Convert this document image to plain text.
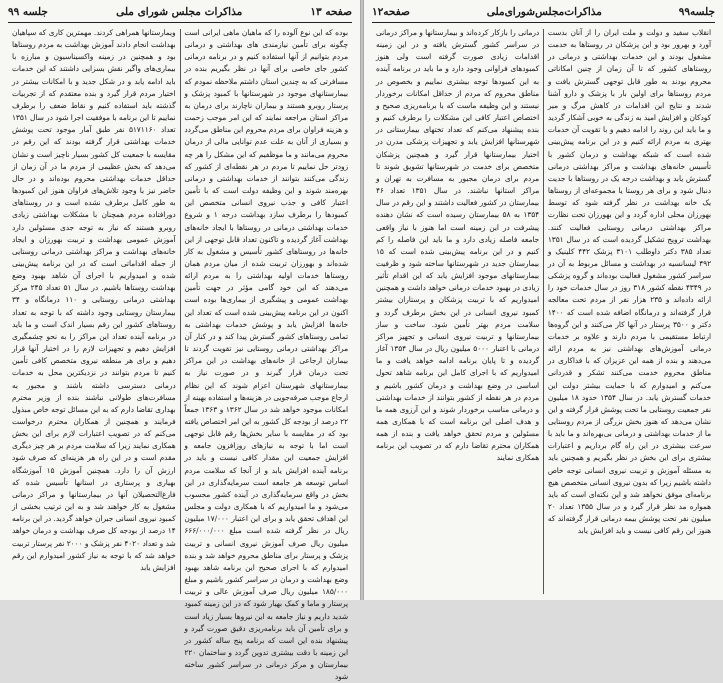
صفحه ۱۳
مذاکرات مجلس شورای ملی
جلسه ۹۹

بوده که این نوع آلوده را که ماهیان ماهی ایرانی است چگونه برای تأمین نیازمندی های بهداشتی و درمانی مردم بتوانیم از آنها استفاده کنیم و در برنامه درمانی کشور جای خاصی برای آنها در نظر بگیریم بنده در مسافرتی که به چندین استان داشتم ملاحظه نمودم که بیمارستانهای موجود در شهرستانها با کمبود پزشک و پرستار روبرو هستند و بیماران ناچارند برای درمان به مراکز استان مراجعه نمایند که این امر موجب زحمت و هزینه فراوان برای مردم محروم این مناطق می‌گردد و بسیاری از آنان به علت عدم توانایی مالی از درمان محروم می‌مانند و ما موظفیم که این مشکل را هر چه زودتر حل نماییم تا مردم در هر نقطه‌ای از کشور که زندگی می‌کنند بتوانند از خدمات بهداشتی و درمانی بهره‌مند شوند و این وظیفه دولت است که با تأمین اعتبار کافی و جذب نیروی انسانی متخصص این کمبودها را برطرف سازد بهداشت درجه ۱ و شروع خدمات بهداشتی درمانی در روستاها با ایجاد خانه‌های بهداشت آغاز گردیده و تاکنون تعداد قابل توجهی از این خانه‌ها در روستاهای کشور تأسیس و مشغول به کار شده‌اند و بهورزان تربیت شده از میان مردم همان روستاها خدمات اولیه بهداشتی را به مردم ارائه می‌دهند که این خود گامی مؤثر در جهت تأمین بهداشت عمومی و پیشگیری از بیماری‌ها بوده است اکنون در این برنامه پیش‌بینی شده است که تعداد این خانه‌ها افزایش یابد و پوشش خدمات بهداشتی به تمامی روستاهای کشور گسترش پیدا کند و در کنار آن مراکز بهداشتی درمانی روستایی نیز تقویت گردند تا بیماران ارجاعی از خانه‌های بهداشت در این مراکز تحت درمان قرار گیرند و در صورت نیاز به بیمارستانهای شهرستان اعزام شوند که این نظام ارجاع موجب صرفه‌جویی در هزینه‌ها و استفاده بهینه از امکانات موجود خواهد شد در سال ۱۳۶۲ و ۱۳۶۳ جمعاً ۲۲ درصد از بودجه کل کشور به این امر اختصاص یافته بود که در مقایسه با سایر بخش‌ها رقم قابل توجهی است اما با توجه به نیازهای روزافزون جامعه و افزایش جمعیت این مقدار کافی نیست و باید در برنامه آینده افزایش یابد و از آنجا که سلامت مردم اساس توسعه هر جامعه است سرمایه‌گذاری در این بخش در واقع سرمایه‌گذاری در آینده کشور محسوب می‌شود و ما امیدواریم که با همکاری دولت و مجلس این اهداف تحقق یابد و برای این اعتبار ۱۷/۰۰۰ میلیون ریال در نظر گرفته شده است مبلغ ۶۶۶/۰۰۰/۰۰۰ میلیون ریال صرف آموزش نیروی انسانی و تربیت پزشک و پرستار برای مناطق محروم خواهد شد و بنده امیدوارم که با اجرای صحیح این برنامه شاهد بهبود وضع بهداشت و درمان در سراسر کشور باشیم و مبلغ ۱۸۵/۰۰۰ میلیون ریال صرف آموزش عالی و تربیت پرستار و ماما و کمک بهیار شود که در این زمینه کمبود شدید داریم و نیاز جامعه به این نیروها بسیار زیاد است و برای تأمین آن باید برنامه‌ریزی دقیق صورت گیرد و پیشنهاد بنده این است که برنامه پنج ساله کشور در این زمینه با دقت بیشتری تدوین گردد و ساختمان ۲۲۰ بیمارستان و مرکز درمانی در سراسر کشور ساخته شود

ویمارستانها همراهی کردند. مهمترین کاری که سپاهیان بهداشت انجام دادند آموزش بهداشت به مردم روستاها بود و همچنین در زمینه واکسیناسیون و مبارزه با بیماری‌های واگیر نقش بسزایی داشتند که این خدمات باید ادامه یابد و در شکل جدید و با امکانات بیشتر در اختیار مردم قرار گیرد و بنده معتقدم که از تجربیات گذشته باید استفاده کنیم و نقاط ضعف را برطرف نماییم تا این برنامه با موفقیت اجرا شود در سال ۱۳۵۱ تعداد ۵۱۷۱۱۶۰ نفر طبق آمار موجود تحت پوشش خدمات بهداشتی قرار گرفته بودند که این رقم در مقایسه با جمعیت کل کشور بسیار ناچیز است و نشان می‌دهد که بخش عظیمی از مردم ما در آن زمان از حداقل خدمات بهداشتی محروم بوده‌اند و در حال حاضر نیز با وجود تلاش‌های فراوان هنوز این کمبودها به طور کامل برطرف نشده است و در روستاهای دورافتاده مردم همچنان با مشکلات بهداشتی زیادی روبرو هستند که نیاز به توجه جدی مسئولین دارد آموزش عمومی بهداشت و تربیت بهورزان و ایجاد خانه‌های بهداشت و مراکز بهداشتی درمانی روستایی از جمله اقداماتی است که در این برنامه پیش‌بینی شده و امیدواریم با اجرای آن شاهد بهبود وضع بهداشت روستاها باشیم. در سال ۵۱ تعداد ۲۴۵ مرکز بهداشتی درمانی روستایی و ۱۱۰ درمانگاه و ۳۴ بیمارستان روستایی وجود داشته که با توجه به تعداد روستاهای کشور این رقم بسیار اندک است و ما باید در برنامه آینده تعداد این مراکز را به نحو چشمگیری افزایش دهیم و تجهیزات لازم را در اختیار آنها قرار دهیم و برای هر منطقه نیروی متخصص کافی تأمین کنیم تا مردم بتوانند در نزدیکترین محل به خدمات درمانی دسترسی داشته باشند و مجبور به مسافرت‌های طولانی نباشند بنده از وزیر محترم بهداری تقاضا دارم که به این مسائل توجه خاص مبذول فرمایند و همچنین از همکاران محترم درخواست می‌کنم که در تصویب اعتبارات لازم برای این بخش همکاری نمایند زیرا که سلامت مردم بر هر چیز دیگری مقدم است و در این راه هر هزینه‌ای که صرف شود ارزش آن را دارد. همچنین آموزش ۱۵ آموزشگاه بهیاری و پرستاری در استانها تأسیس شده که فارغ‌التحصیلان آنها در بیمارستانها و مراکز درمانی مشغول به کار خواهند شد و به این ترتیب بخشی از کمبود نیروی انسانی جبران خواهد گردید. در این برنامه ۱۴ درصد از بودجه کل صرف بهداشت و درمان خواهد شد و تعداد ۴۰۲۰ نفر پزشک و ۲۰۰۰ نفر پرستار تربیت خواهد شد که با توجه به نیاز کشور امیدوارم این رقم افزایش یابد

جلسه۹۹
مذاکرات‌مجلس‌شورای‌ملی
صفحه‌۱۲

انقلاب سفید و دولت و ملت ایران را از آنان بدست آورد و بهرور بود و این پزشکان در روستاها به خدمت مشغول بودند و این خدمات بهداشتی و درمانی در روستاهای کشور که تا آن زمان از چنین امکاناتی محروم بودند به طور قابل توجهی گسترش یافت و مردم روستاها برای اولین بار با پزشک و دارو آشنا شدند و نتایج این اقدامات در کاهش مرگ و میر کودکان و افزایش امید به زندگی به خوبی آشکار گردید و ما باید این روند را ادامه دهیم و با تقویت آن خدمات بهتری به مردم ارائه کنیم و در این برنامه پیش‌بینی شده است که شبکه بهداشت و درمان کشور با تأسیس خانه‌های بهداشت و مراکز بهداشتی درمانی گسترش یابد و بهداشت درجه یک در روستاها با جدیت دنبال شود و برای هر روستا یا مجموعه‌ای از روستاها یک خانه بهداشت در نظر گرفته شود که توسط بهورزان محلی اداره گردد و این بهورزان تحت نظارت مراکز بهداشتی درمانی روستایی فعالیت کنند. بهداشت ترویج تشکیل گردیده است که در سال ۱۳۵۱ تعداد ۳۸۵ دکتر داوطلب ۳۱۰۱ پزشک ۴۴۲ کلینیک و ۴۹۲ لیسانسیه در بهداشت و مسائل مربوط به آن در سراسر کشور مشغول فعالیت بوده‌اند و گروه پزشکی در ۴۳۴۹ نقطه کشور ۳۱۸ روز در سال خدمات خود را ارائه داده‌اند و ۲۳۵ هزار نفر از مردم تحت معالجه قرار گرفته‌اند و درمانگاه اضافه شده است که ۱۴۰۰ دکتر و ۳۵۰۰ پرستار در آنها کار می‌کنند و این گروه‌ها ارتباط مستقیمی با مردم دارند و علاوه بر خدمات درمانی آموزش‌های بهداشتی نیز به مردم ارائه می‌دهند و بنده از همه این عزیزان که با فداکاری در مناطق محروم خدمت می‌کنند تشکر و قدردانی می‌کنم و امیدوارم که با حمایت بیشتر دولت این خدمات گسترش یابد. در سال ۱۳۵۴ حدود ۱۸ میلیون نفر جمعیت روستایی ما تحت پوشش قرار گرفته و این نشان می‌دهد که هنوز بخش بزرگی از مردم روستایی ما از خدمات بهداشتی و درمانی بی‌بهره‌اند و ما باید با سرعت بیشتری در این راه گام برداریم و اعتبارات بیشتری برای این بخش در نظر بگیریم و همچنین باید به مسئله آموزش و تربیت نیروی انسانی توجه خاص داشته باشیم زیرا که بدون نیروی انسانی متخصص هیچ برنامه‌ای موفق نخواهد شد و این نکته‌ای است که باید همواره مد نظر قرار گیرد و در سال ۱۳۵۵ تعداد ۲۰ میلیون نفر تحت پوشش بیمه درمانی قرار گرفته‌اند که هنوز این رقم کافی نیست و باید افزایش یابد

درمانی را بازکار کرده‌اند و بیمارستانها و مراکز درمانی در سراسر کشور گسترش یافته و در این زمینه اقدامات زیادی صورت گرفته است ولی هنوز کمبودهای فراوانی وجود دارد و ما باید در برنامه آینده به این کمبودها توجه بیشتری نماییم و بخصوص در مناطق محروم که مردم از حداقل امکانات برخوردار نیستند و این وظیفه ماست که با برنامه‌ریزی صحیح و اختصاص اعتبار کافی این مشکلات را برطرف کنیم و بنده پیشنهاد می‌کنم که تعداد تختهای بیمارستانی در شهرستانها افزایش یابد و تجهیزات پزشکی مدرن در اختیار بیمارستانها قرار گیرد و همچنین پزشکان متخصص برای خدمت در شهرستانها تشویق شوند تا مردم برای درمان مجبور به مسافرت به تهران و مراکز استانها نباشند. در سال ۱۳۵۱ تعداد ۴۶ بیمارستان در کشور فعالیت داشتند و این رقم در سال ۱۳۵۴ به ۵۸ بیمارستان رسیده است که نشان دهنده پیشرفت در این زمینه است اما هنوز با نیاز واقعی جامعه فاصله زیادی دارد و ما باید این فاصله را کم کنیم و در این برنامه پیش‌بینی شده است که ۱۵ بیمارستان جدید در شهرستانها ساخته شود و ظرفیت بیمارستانهای موجود افزایش یابد که این اقدام تأثیر زیادی در بهبود خدمات درمانی خواهد داشت و همچنین امیدواریم که با تربیت پزشکان و پرستاران بیشتر کمبود نیروی انسانی در این بخش برطرف گردد و سلامت مردم بهتر تأمین شود. ساخت و ساز بیمارستانها و تربیت نیروی انسانی و تجهیز مراکز درمانی با اعتبار ۵۰۰۰ میلیون ریال در سال ۱۳۵۴ آغاز گردیده و تا پایان برنامه ادامه خواهد یافت و ما امیدواریم که با اجرای کامل این برنامه شاهد تحول اساسی در وضع بهداشت و درمان کشور باشیم و مردم در هر نقطه از کشور بتوانند از خدمات بهداشتی و درمانی مناسب برخوردار شوند و این آرزوی همه ما و هدف اصلی این برنامه است که با همکاری همه مسئولین و مردم تحقق خواهد یافت و بنده از همه همکاران محترم تقاضا دارم که در تصویب این برنامه همکاری نمایند
